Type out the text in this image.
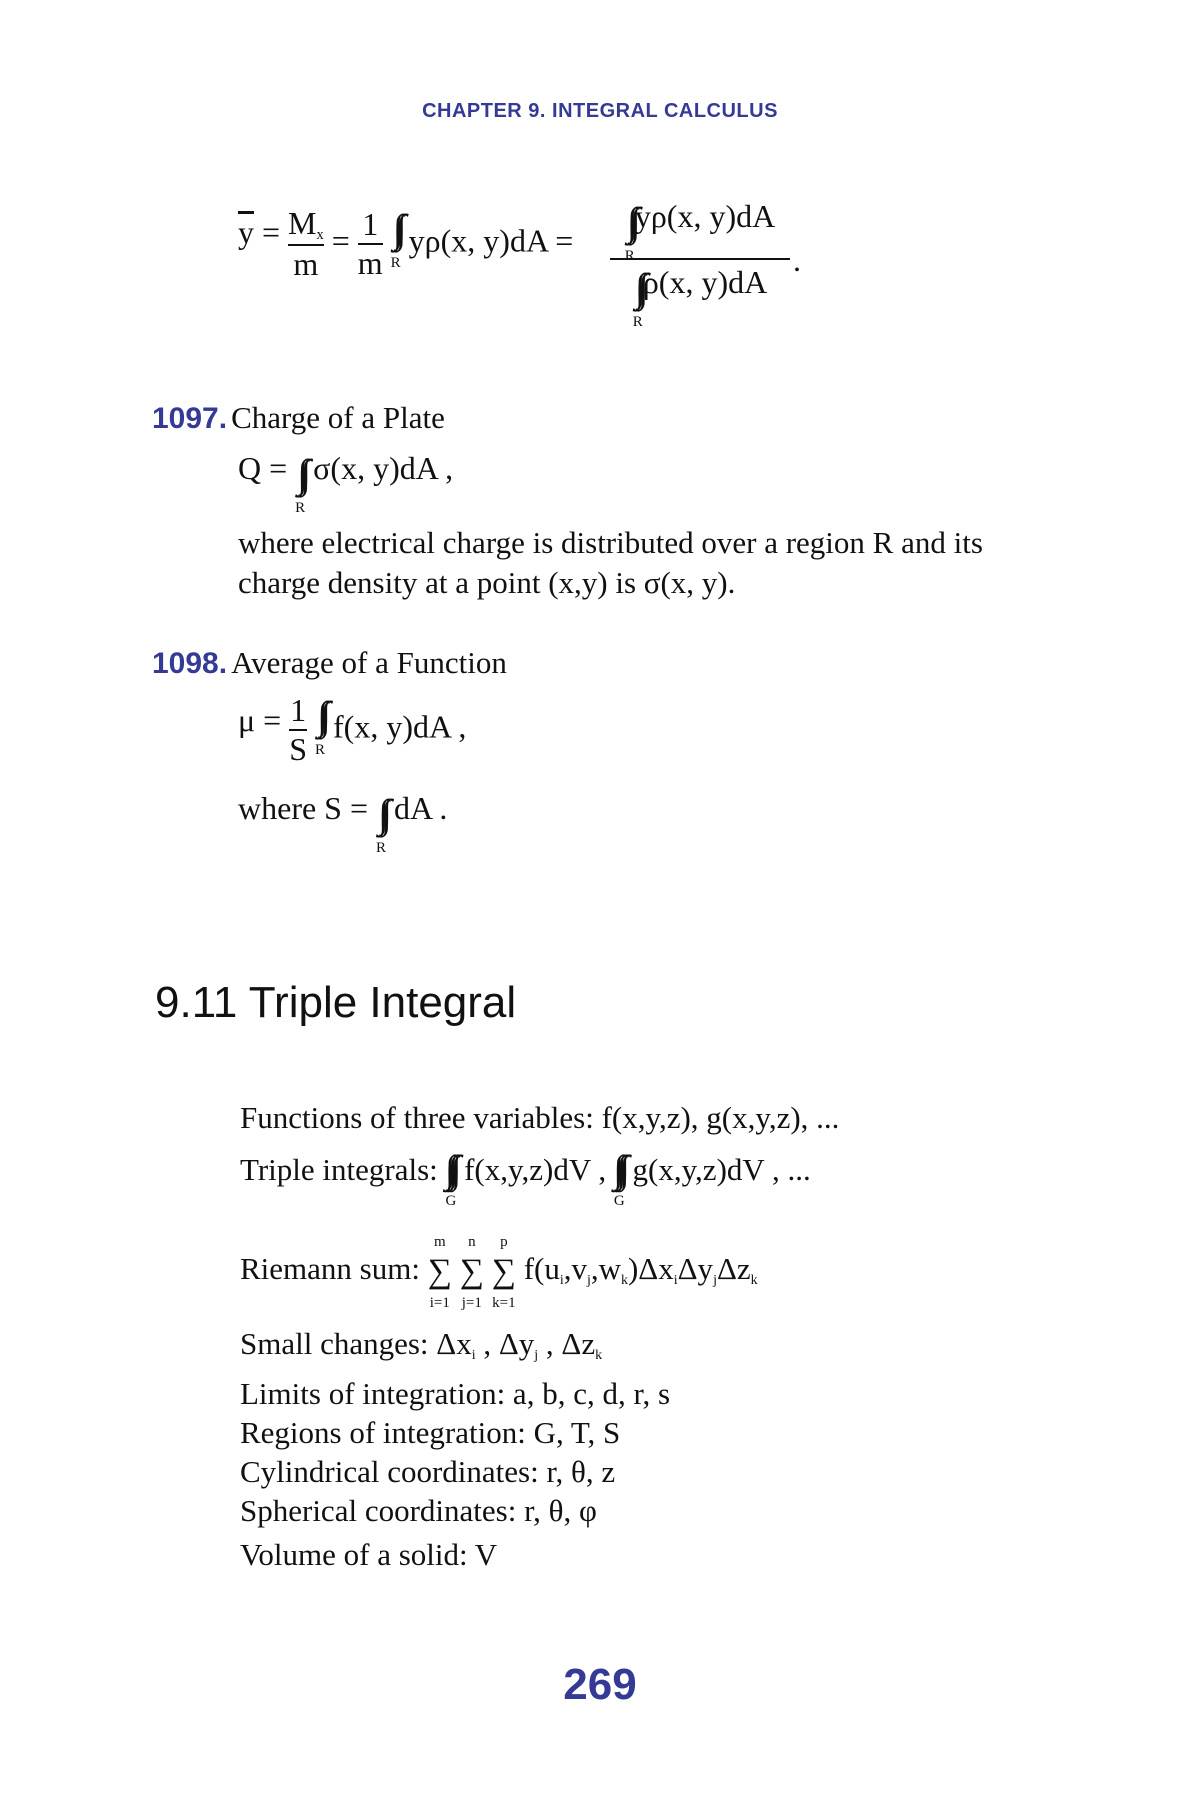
CHAPTER 9. INTEGRAL CALCULUS
$\overline{y} = \frac{M_x}{m} = \frac{1}{m}$
R
yρ(x, y)dA =	R
yρ(x, y)dA
R
ρ(x, y)dA
.
1097. Charge of a Plate
Q =
R
σ(x, y)dA ,
where electrical charge is distributed over a region R and its
charge density at a point (x,y) is σ(x, y).
1098. Average of a Function
$\mu = \frac{1}{S}$
R
f(x, y)dA ,
where S =
R
dA .
9.11 Triple Integral
Functions of three variables: f(x,y,z), g(x,y,z), ...
Triple integrals:
G
f(x,y,z)dV ,
G
g(x,y,z)dV , ...
Riemann sum:
m
∑
i=1

n
∑
j=1

p
∑
k=1
$f(u_i,v_j,w_k)\Delta x_i\Delta y_j\Delta z_k$
Small changes: $\Delta x_i$ , $\Delta y_j$ , $\Delta z_k$
Limits of integration: a, b, c, d, r, s
Regions of integration: G, T, S
Cylindrical coordinates: r, θ, z
Spherical coordinates: r, θ, φ
Volume of a solid: V
269
